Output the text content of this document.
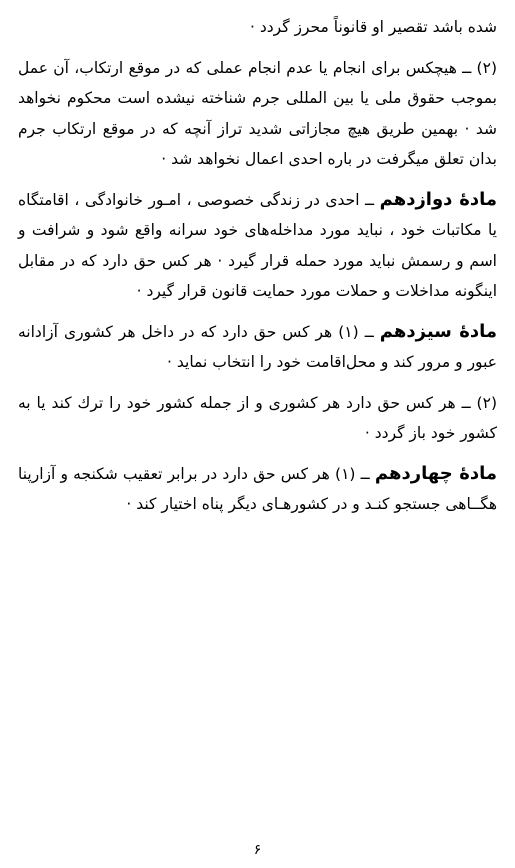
شده باشد تقصیر او قانوناً محرز گردد ·

(۲) ــ هیچکس برای انجام یا عدم انجام عملی که در موقع ارتکاب، آن عمل بموجب حقوق ملی یا بین المللی جرم شناخته نیشده است محکوم نخواهد شد · بهمین طریق هیچ مجازاتی شدید تراز آنچه که در موقع ارتکاب جرم بدان تعلق میگرفت در باره احدی اعمال نخواهد شد ·

مادهٔ دوازدهم ــ احدی در زندگی خصوصی ، امـور خانوادگی ، اقامتگاه یا مکاتبات خود ، نباید مورد مداخله‌های خود سرانه واقع شود و شرافت و اسم و رسمش نباید مورد حمله قرار گیرد · هر کس حق دارد که در مقابل اینگونه مداخلات و حملات مورد حمایت قانون قرار گیرد ·

مادهٔ سیزدهم ــ (۱) هر کس حق دارد که در داخل هر کشوری آزادانه عبور و مرور کند و محل‌اقامت خود را انتخاب نماید ·

(۲) ــ هر کس حق دارد هر کشوری و از جمله کشور خود را ترك کند یا به کشور خود باز گردد ·

مادهٔ چهاردهم ــ (۱) هر کس حق دارد در برابر تعقیب شکنجه و آزارپنا هگــاهی جستجو کنـد و در کشورهـای دیگر پناه اختیار کند ·

۶
